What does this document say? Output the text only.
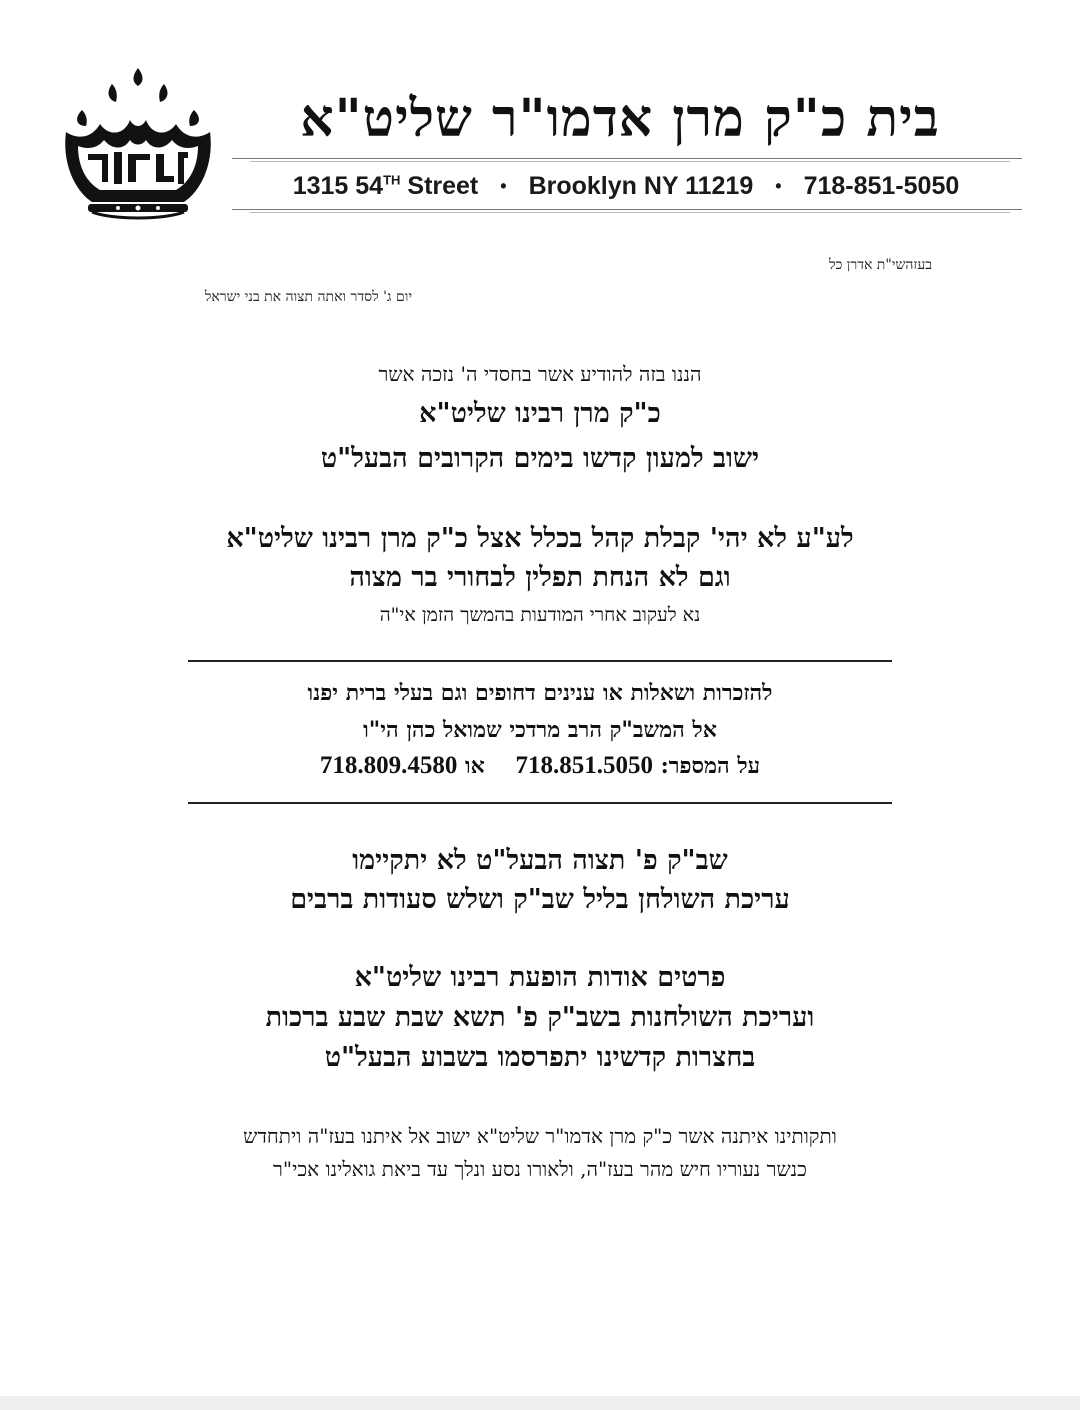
בית כ"ק מרן אדמו"ר שליט"א
1315 54TH Street • Brooklyn NY 11219 • 718-851-5050
בעזהשי"ת אדרן כל
יום ג' לסדר ואתה תצוה את בני ישראל
הננו בזה להודיע אשר בחסדי ה' נזכה אשר
כ"ק מרן רבינו שליט"א
ישוב למעון קדשו בימים הקרובים הבעל"ט
לע"ע לא יהי' קבלת קהל בכלל אצל כ"ק מרן רבינו שליט"א
וגם לא הנחת תפלין לבחורי בר מצוה
נא לעקוב אחרי המודעות בהמשך הזמן אי"ה
להזכרות ושאלות או ענינים דחופים וגם בעלי ברית יפנו
אל המשב"ק הרב מרדכי שמואל כהן הי"ו
על המספר: 718.851.5050    או 718.809.4580
שב"ק פ' תצוה הבעל"ט לא יתקיימו
עריכת השולחן בליל שב"ק ושלש סעודות ברבים
פרטים אודות הופעת רבינו שליט"א
ועריכת השולחנות בשב"ק פ' תשא שבת שבע ברכות
בחצרות קדשינו יתפרסמו בשבוע הבעל"ט
ותקותינו איתנה אשר כ"ק מרן אדמו"ר שליט"א ישוב אל איתנו בעז"ה ויתחדש
כנשר נעוריו חיש מהר בעז"ה, ולאורו נסע ונלך עד ביאת גואלינו אכי"ר
